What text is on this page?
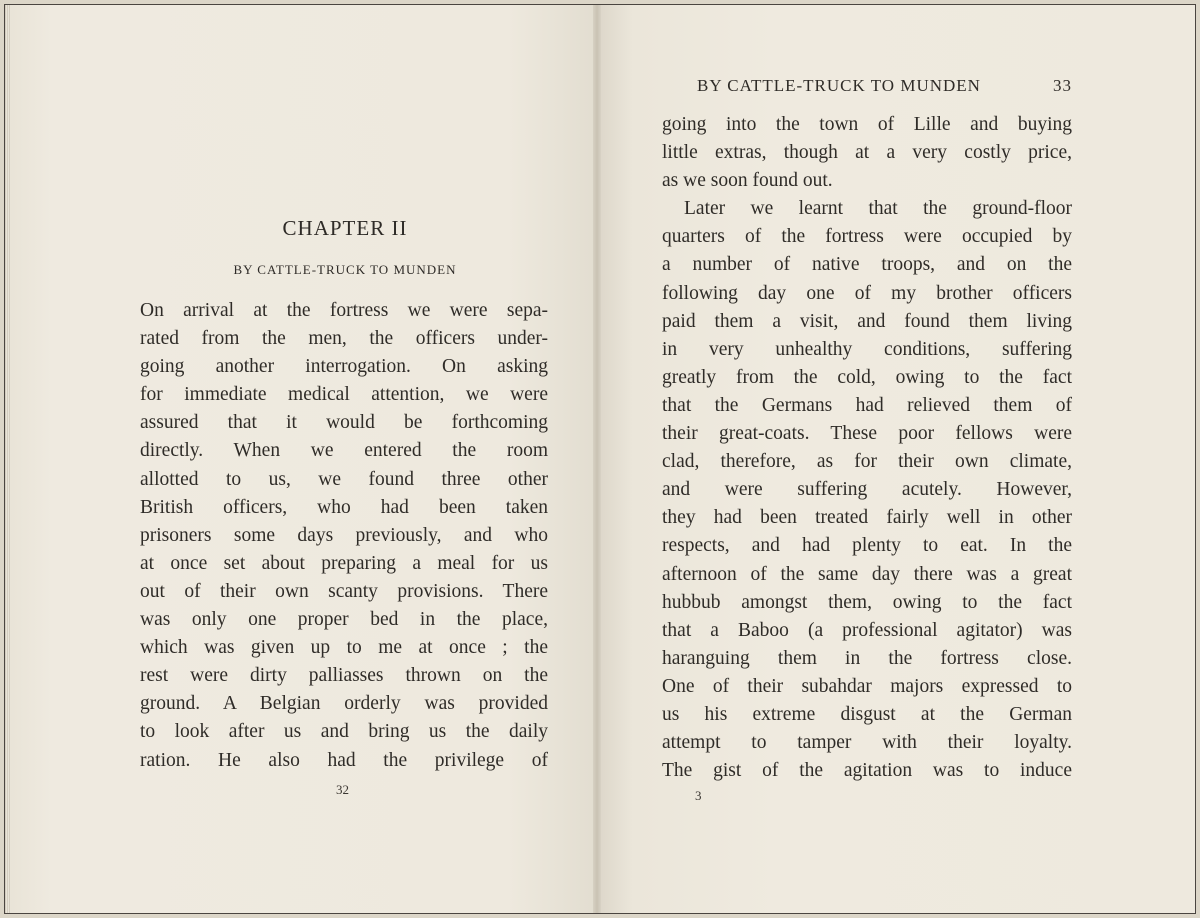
CHAPTER II
BY CATTLE-TRUCK TO MUNDEN
On arrival at the fortress we were sepa-
rated from the men, the officers under-
going another interrogation. On asking
for immediate medical attention, we were
assured that it would be forthcoming
directly. When we entered the room
allotted to us, we found three other
British officers, who had been taken
prisoners some days previously, and who
at once set about preparing a meal for us
out of their own scanty provisions. There
was only one proper bed in the place,
which was given up to me at once ; the
rest were dirty palliasses thrown on the
ground. A Belgian orderly was provided
to look after us and bring us the daily
ration. He also had the privilege of
32
BY CATTLE-TRUCK TO MUNDEN	33
going into the town of Lille and buying
little extras, though at a very costly price,
as we soon found out.
Later we learnt that the ground-floor
quarters of the fortress were occupied by
a number of native troops, and on the
following day one of my brother officers
paid them a visit, and found them living
in very unhealthy conditions, suffering
greatly from the cold, owing to the fact
that the Germans had relieved them of
their great-coats. These poor fellows were
clad, therefore, as for their own climate,
and were suffering acutely. However,
they had been treated fairly well in other
respects, and had plenty to eat. In the
afternoon of the same day there was a great
hubbub amongst them, owing to the fact
that a Baboo (a professional agitator) was
haranguing them in the fortress close.
One of their subahdar majors expressed to
us his extreme disgust at the German
attempt to tamper with their loyalty.
The gist of the agitation was to induce
3
